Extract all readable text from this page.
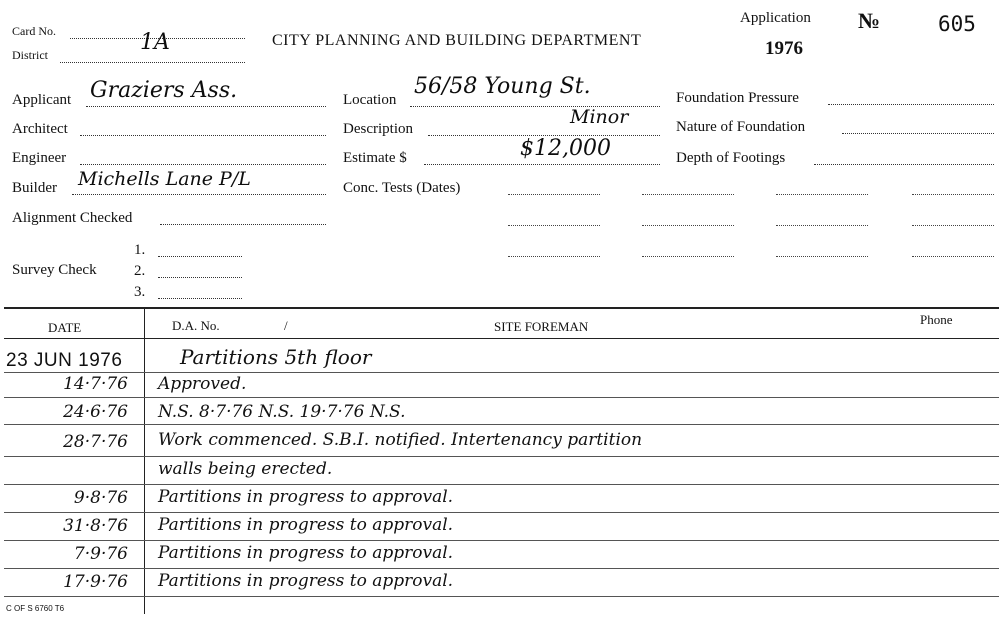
Card No.
District	1A	CITY PLANNING AND BUILDING DEPARTMENT
Application
1976
№	605
Applicant Graziers Ass.
Architect
Engineer
Builder Michells Lane P/L
Alignment Checked
Survey Check
1.
2.
3.
Location
56/58 Young St.
Description
Minor
Estimate $	$12,000
Conc. Tests (Dates)
Foundation Pressure
Nature of Foundation
Depth of Footings
DATE	D.A. No.	/	SITE FOREMAN	Phone
23 JUN 1976	Partitions 5th floor
14·7·76 Approved.
24·6·76 N.S. 8·7·76 N.S. 19·7·76 N.S.
28·7·76 Work commenced. S.B.I. notified. Intertenancy partition
walls being erected.
9·8·76 Partitions in progress to approval.
31·8·76 Partitions in progress to approval.
7·9·76 Partitions in progress to approval.
17·9·76 Partitions in progress to approval.
C OF S 6760 T6
